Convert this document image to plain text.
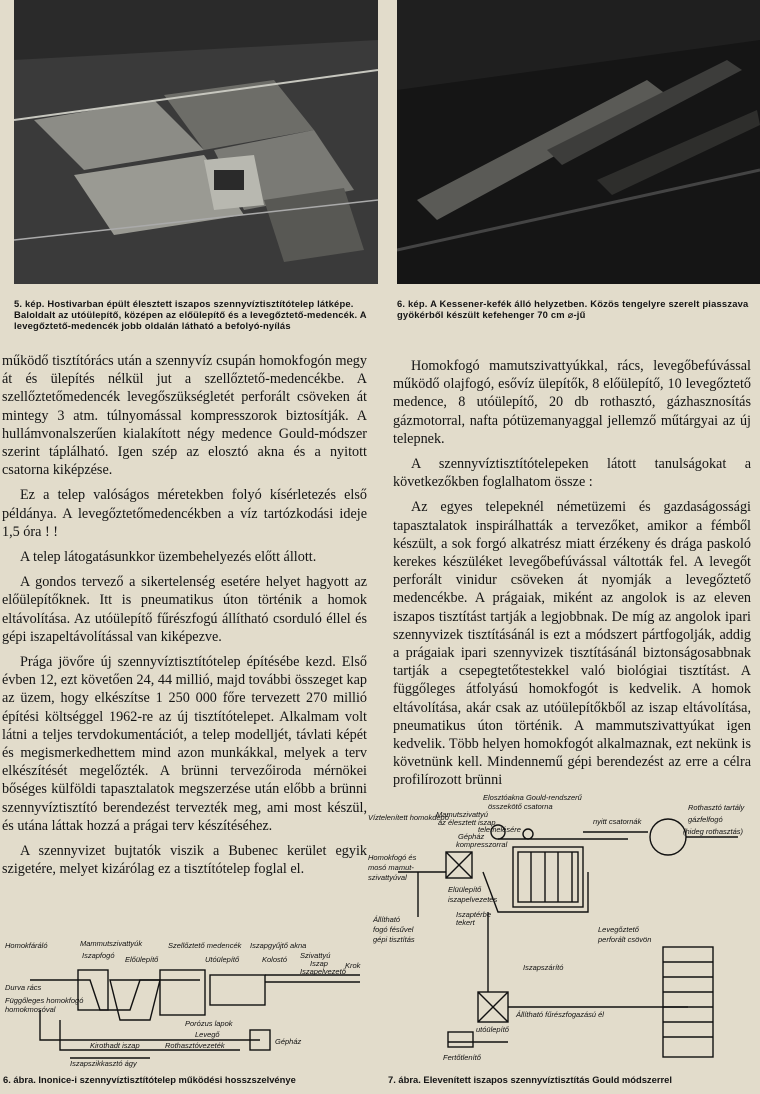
5. kép. Hostivarban épült élesztett iszapos szennyvíztisztítótelep látképe. Baloldalt az utóülepítő, középen az előülepítő és a levegőztető-medencék. A levegőztető-medencék jobb oldalán látható a befolyó-nyílás
6. kép. A Kessener-kefék álló helyzetben. Közös tengelyre szerelt piasszava gyökérből készült kefehenger 70 cm ⌀-jű

működő tisztítórács után a szennyvíz csupán homokfogón megy át és ülepítés nélkül jut a szellőztető-medencékbe. A szellőztetőmedencék levegőszükségletét perforált csöveken át mintegy 3 atm. túlnyomással kompresszorok biztosítják. A hullámvonalszerűen kialakított négy medence Gould-módszer szerint táplálható. Igen szép az elosztó akna és a nyitott csatorna kiképzése.

Ez a telep valóságos méretekben folyó kísérletezés első példánya. A levegőztetőmedencékben a víz tartózkodási ideje 1,5 óra ! !

A telep látogatásunkkor üzembehelyezés előtt állott.

A gondos tervező a sikertelenség esetére helyet hagyott az előülepítőknek. Itt is pneumatikus úton történik a homok eltávolítása. Az utóülepítő fűrészfogú állítható csorduló éllel és gépi iszapeltávolítással van kiképezve.

Prága jövőre új szennyvíztisztítótelep építésébe kezd. Első évben 12, ezt követően 24, 44 millió, majd további összeget kap az üzem, hogy elkészítse 1 250 000 főre tervezett 270 millió építési költséggel 1962-re az új tisztítótelepet. Alkalmam volt látni a teljes tervdokumentációt, a telep modelljét, távlati képét és megismerkedhettem mind azon munkákkal, melyek a terv elkészítését megelőzték. A brünni tervezőiroda mérnökei bőséges külföldi tapasztalatok megszerzése után előbb a brünni szennyvíztisztító berendezést tervezték meg, ami most készül, és utána láttak hozzá a prágai terv készítéséhez.

A szennyvizet bujtatók viszik a Bubenec kerület egyik szigetére, melyet kizárólag ez a tisztítótelep foglal el.

Homokfogó mamutszivattyúkkal, rács, levegőbefúvással működő olajfogó, esővíz ülepítők, 8 előülepítő, 10 levegőztető medence, 8 utóülepítő, 20 db rothasztó, gázhasznosítás gázmotorral, nafta pótüzemanyaggal jellemző műtárgyai az új telepnek.

A szennyvíztisztítótelepeken látott tanulságokat a következőkben foglalhatom össze :

Az egyes telepeknél németüzemi és gazdaságossági tapasztalatok inspirálhatták a tervezőket, amikor a fémből készült, a sok forgó alkatrész miatt érzékeny és drága paskoló kerekes készüléket levegőbefúvással váltották fel. A levegőt perforált vinidur csöveken át nyomják a levegőztető medencékbe. A prágaiak, miként az angolok is az eleven iszapos tisztítást tartják a legjobbnak. De míg az angolok ipari szennyvizek tisztításánál is ezt a módszert pártfogolják, addig a prágaiak ipari szennyvizek tisztításánál biztonságosabbnak tartják a csepegtetőtestekkel való biológiai tisztítást. A függőleges átfolyású homokfogót is kedvelik. A homok eltávolítása, akár csak az utóülepítőkből az iszap eltávolítása, pneumatikus úton történik. A mammutszivattyúkat igen kedvelik. Több helyen homokfogót alkalmaznak, ezt nekünk is követnünk kell. Mindennemű gépi berendezést az erre a célra profilírozott brünni

Homokfáráló	Mammutszivattyúk	Szellőztető medencék Iszapgyűjtő akna
Iszapfogó Előülepítő	Utóülepítő	Kolostó Szivattyú
Iszap
Iszapelvezető
Krok
Durva rács
Függőleges homokfogó
homokmosóval
Porózus lapok
Levegő
Kirothadt iszap	Rothasztóvezeték	Gépház
Iszapszikkasztó ágy
6. ábra. Inonice-i szennyvíztisztítótelep működési hosszszelvénye
Elosztóakna Gould-rendszerű
összekötő csatorna
Víztelenített homokdepó
Mamutszivattyú
az élesztett iszap
telemelésére
Gépház
kompresszorral
nyitt csatornák
Rothasztó tartály
gázfelfogó
(hideg rothasztás)
Homokfogó és
mosó mamut-
szivattyúval
Elüülepítő
iszapelvezetés
Állítható
fogó fésűvel
gépi tisztítás
Levegőztető
perforált csövön
Iszaptérbe
tekert
Iszapszárító
Állítható fűrészfogazású él
utóülepítő
Fertőtlenítő
7. ábra. Elevenített iszapos szennyvíztisztítás Gould módszerrel
